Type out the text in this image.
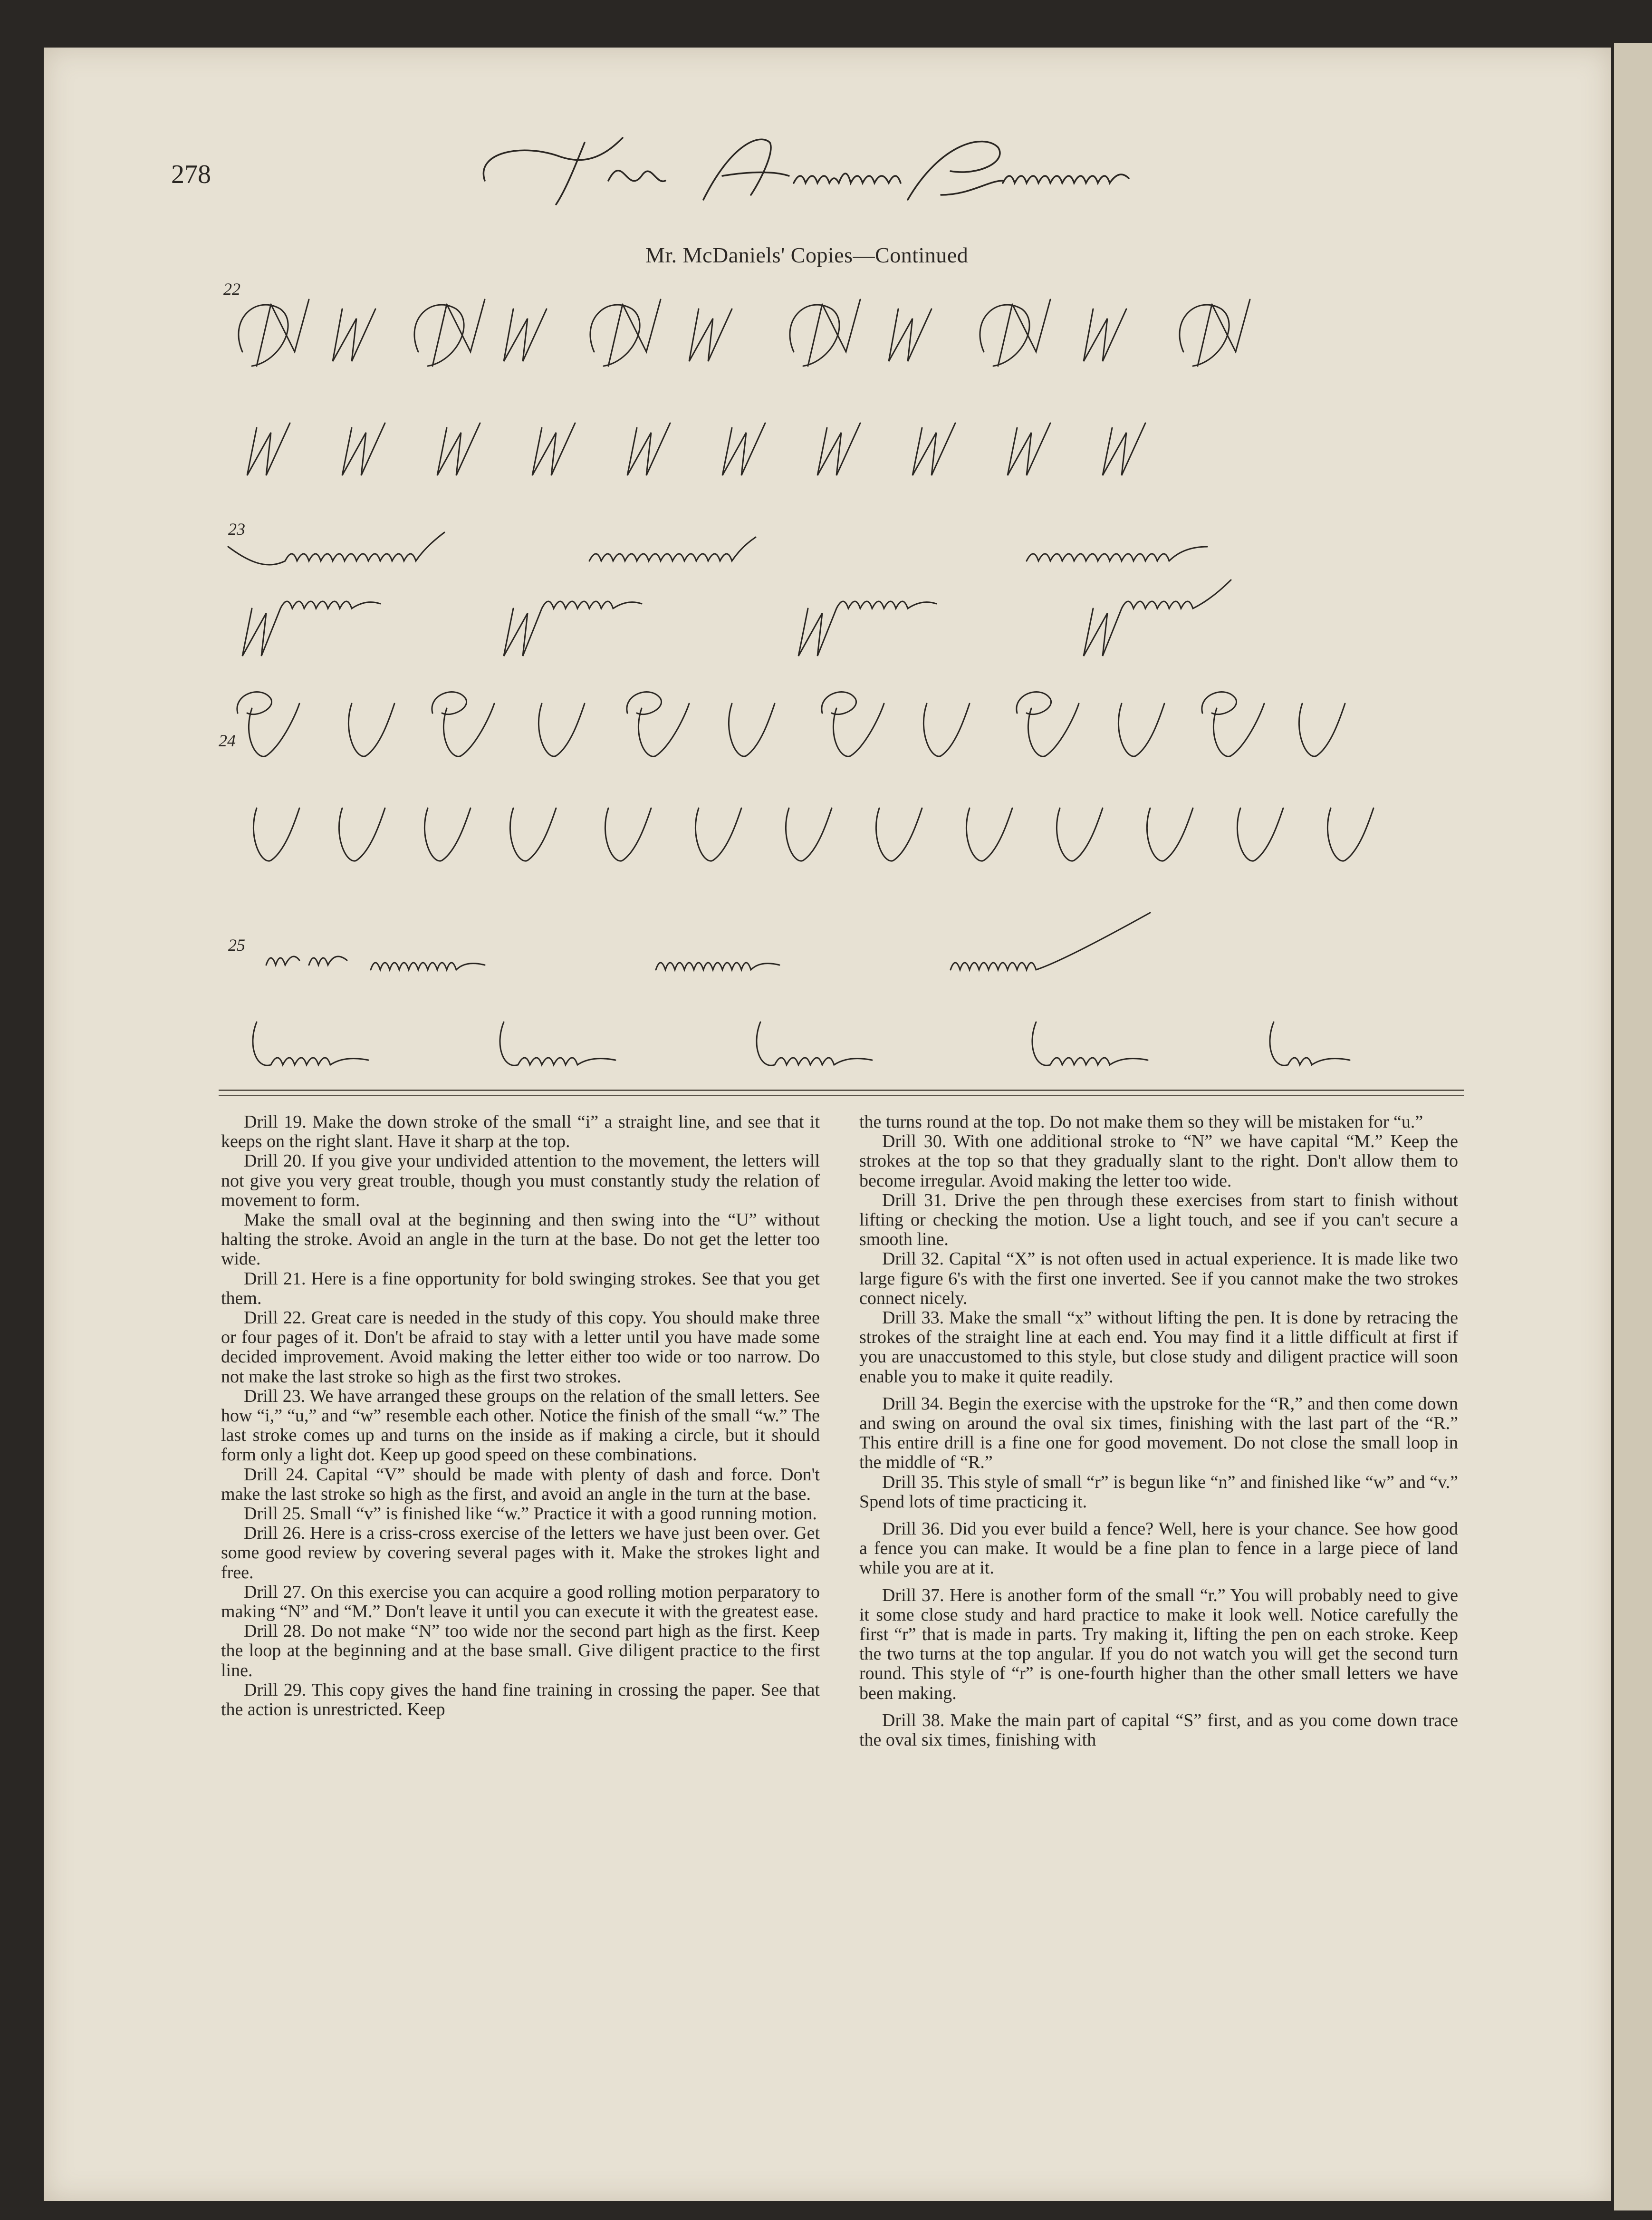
278
Mr. McDaniels' Copies—Continued
22
23
24
25

Drill 19. Make the down stroke of the small “i” a straight line, and see that it keeps on the right slant. Have it sharp at the top.

Drill 20. If you give your undivided attention to the movement, the letters will not give you very great trouble, though you must constantly study the relation of movement to form.

Make the small oval at the beginning and then swing into the “U” without halting the stroke. Avoid an angle in the turn at the base. Do not get the letter too wide.

Drill 21. Here is a fine opportunity for bold swinging strokes. See that you get them.

Drill 22. Great care is needed in the study of this copy. You should make three or four pages of it. Don't be afraid to stay with a letter until you have made some decided improvement. Avoid making the letter either too wide or too narrow. Do not make the last stroke so high as the first two strokes.

Drill 23. We have arranged these groups on the relation of the small letters. See how “i,” “u,” and “w” resemble each other. Notice the finish of the small “w.” The last stroke comes up and turns on the inside as if making a circle, but it should form only a light dot. Keep up good speed on these combinations.

Drill 24. Capital “V” should be made with plenty of dash and force. Don't make the last stroke so high as the first, and avoid an angle in the turn at the base.

Drill 25. Small “v” is finished like “w.” Practice it with a good running motion.

Drill 26. Here is a criss-cross exercise of the letters we have just been over. Get some good review by covering several pages with it. Make the strokes light and free.

Drill 27. On this exercise you can acquire a good rolling motion perparatory to making “N” and “M.” Don't leave it until you can execute it with the greatest ease.

Drill 28. Do not make “N” too wide nor the second part high as the first. Keep the loop at the beginning and at the base small. Give diligent practice to the first line.

Drill 29. This copy gives the hand fine training in crossing the paper. See that the action is unrestricted. Keep

the turns round at the top. Do not make them so they will be mistaken for “u.”

Drill 30. With one additional stroke to “N” we have capital “M.” Keep the strokes at the top so that they gradually slant to the right. Don't allow them to become irregular. Avoid making the letter too wide.

Drill 31. Drive the pen through these exercises from start to finish without lifting or checking the motion. Use a light touch, and see if you can't secure a smooth line.

Drill 32. Capital “X” is not often used in actual experience. It is made like two large figure 6's with the first one inverted. See if you cannot make the two strokes connect nicely.

Drill 33. Make the small “x” without lifting the pen. It is done by retracing the strokes of the straight line at each end. You may find it a little difficult at first if you are unaccustomed to this style, but close study and diligent practice will soon enable you to make it quite readily.

Drill 34. Begin the exercise with the upstroke for the “R,” and then come down and swing on around the oval six times, finishing with the last part of the “R.” This entire drill is a fine one for good movement. Do not close the small loop in the middle of “R.”

Drill 35. This style of small “r” is begun like “n” and finished like “w” and “v.” Spend lots of time practicing it.

Drill 36. Did you ever build a fence? Well, here is your chance. See how good a fence you can make. It would be a fine plan to fence in a large piece of land while you are at it.

Drill 37. Here is another form of the small “r.” You will probably need to give it some close study and hard practice to make it look well. Notice carefully the first “r” that is made in parts. Try making it, lifting the pen on each stroke. Keep the two turns at the top angular. If you do not watch you will get the second turn round. This style of “r” is one-fourth higher than the other small letters we have been making.

Drill 38. Make the main part of capital “S” first, and as you come down trace the oval six times, finishing with
